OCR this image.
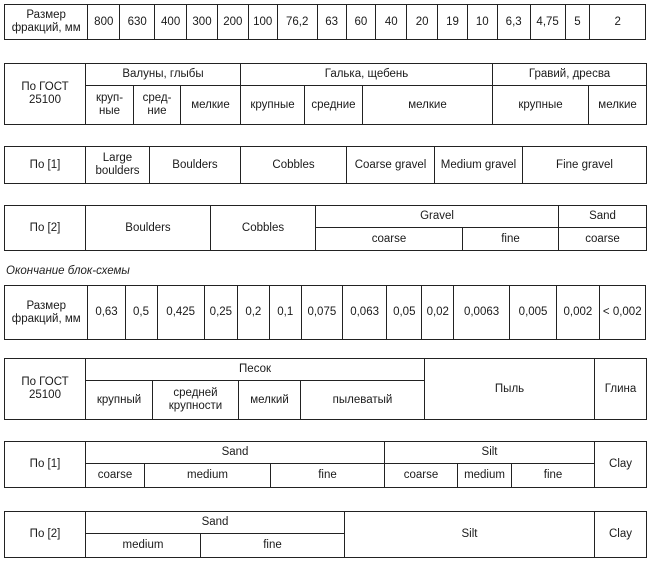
Размер фракций, мм	800	630	400	300	200	100	76,2	63	60	40	20	19	10	6,3	4,75	5	2
По ГОСТ 25100	Валуны, глыбы			Галька, щебень			Гравий, дресва	
	круп- ные	сред- ние	мелкие	крупные	средние	мелкие	крупные	мелкие
По [1]	Large boulders	Boulders	Cobbles	Coarse gravel	Medium gravel	Fine gravel
По [2]	Boulders	Cobbles	Gravel		Sand
			coarse	fine	coarse
Окончание блок-схемы
Размер фракций, мм	0,63	0,5	0,425	0,25	0,2	0,1	0,075	0,063	0,05	0,02	0,0063	0,005	0,002	< 0,002
По ГОСТ 25100	Песок				Пыль	Глина
	крупный	средней крупности	мелкий	пылеватый		
По [1]	Sand			Silt			Clay
	coarse	medium	fine	coarse	medium	fine	
По [2]	Sand		Silt	Clay
	medium	fine		
